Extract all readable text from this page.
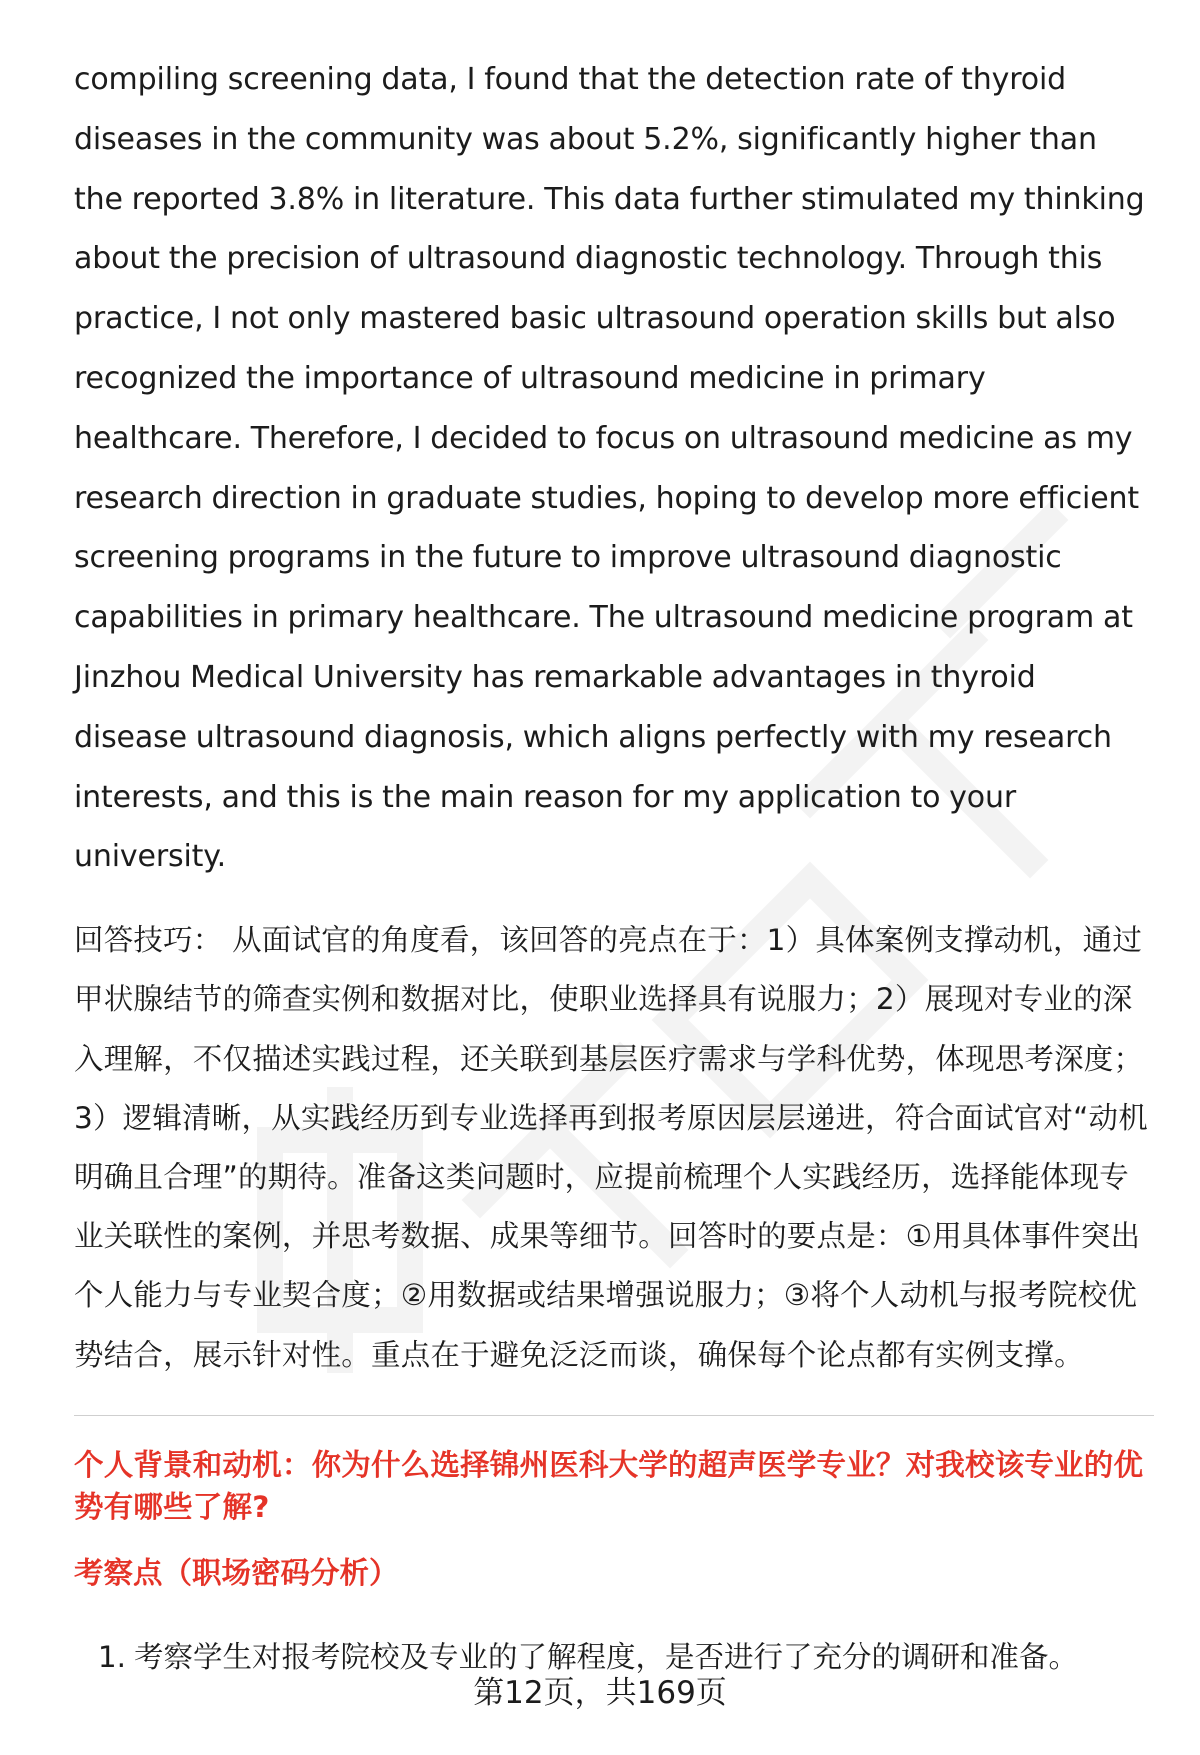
compiling screening data, I found that the detection rate of thyroid diseases in the community was about 5.2%, significantly higher than the reported 3.8% in literature. This data further stimulated my thinking about the precision of ultrasound diagnostic technology. Through this practice, I not only mastered basic ultrasound operation skills but also recognized the importance of ultrasound medicine in primary healthcare. Therefore, I decided to focus on ultrasound medicine as my research direction in graduate studies, hoping to develop more efficient screening programs in the future to improve ultrasound diagnostic capabilities in primary healthcare. The ultrasound medicine program at Jinzhou Medical University has remarkable advantages in thyroid disease ultrasound diagnosis, which aligns perfectly with my research interests, and this is the main reason for my application to your university.

回答技巧： 从面试官的角度看，该回答的亮点在于：1）具体案例支撑动机，通过甲状腺结节的筛查实例和数据对比，使职业选择具有说服力；2）展现对专业的深入理解，不仅描述实践过程，还关联到基层医疗需求与学科优势，体现思考深度；3）逻辑清晰，从实践经历到专业选择再到报考原因层层递进，符合面试官对“动机明确且合理”的期待。准备这类问题时，应提前梳理个人实践经历，选择能体现专业关联性的案例，并思考数据、成果等细节。回答时的要点是：①用具体事件突出个人能力与专业契合度；②用数据或结果增强说服力；③将个人动机与报考院校优势结合，展示针对性。重点在于避免泛泛而谈，确保每个论点都有实例支撑。

个人背景和动机：你为什么选择锦州医科大学的超声医学专业？对我校该专业的优势有哪些了解?

考察点（职场密码分析）

1. 考察学生对报考院校及专业的了解程度，是否进行了充分的调研和准备。
第12页，共169页
